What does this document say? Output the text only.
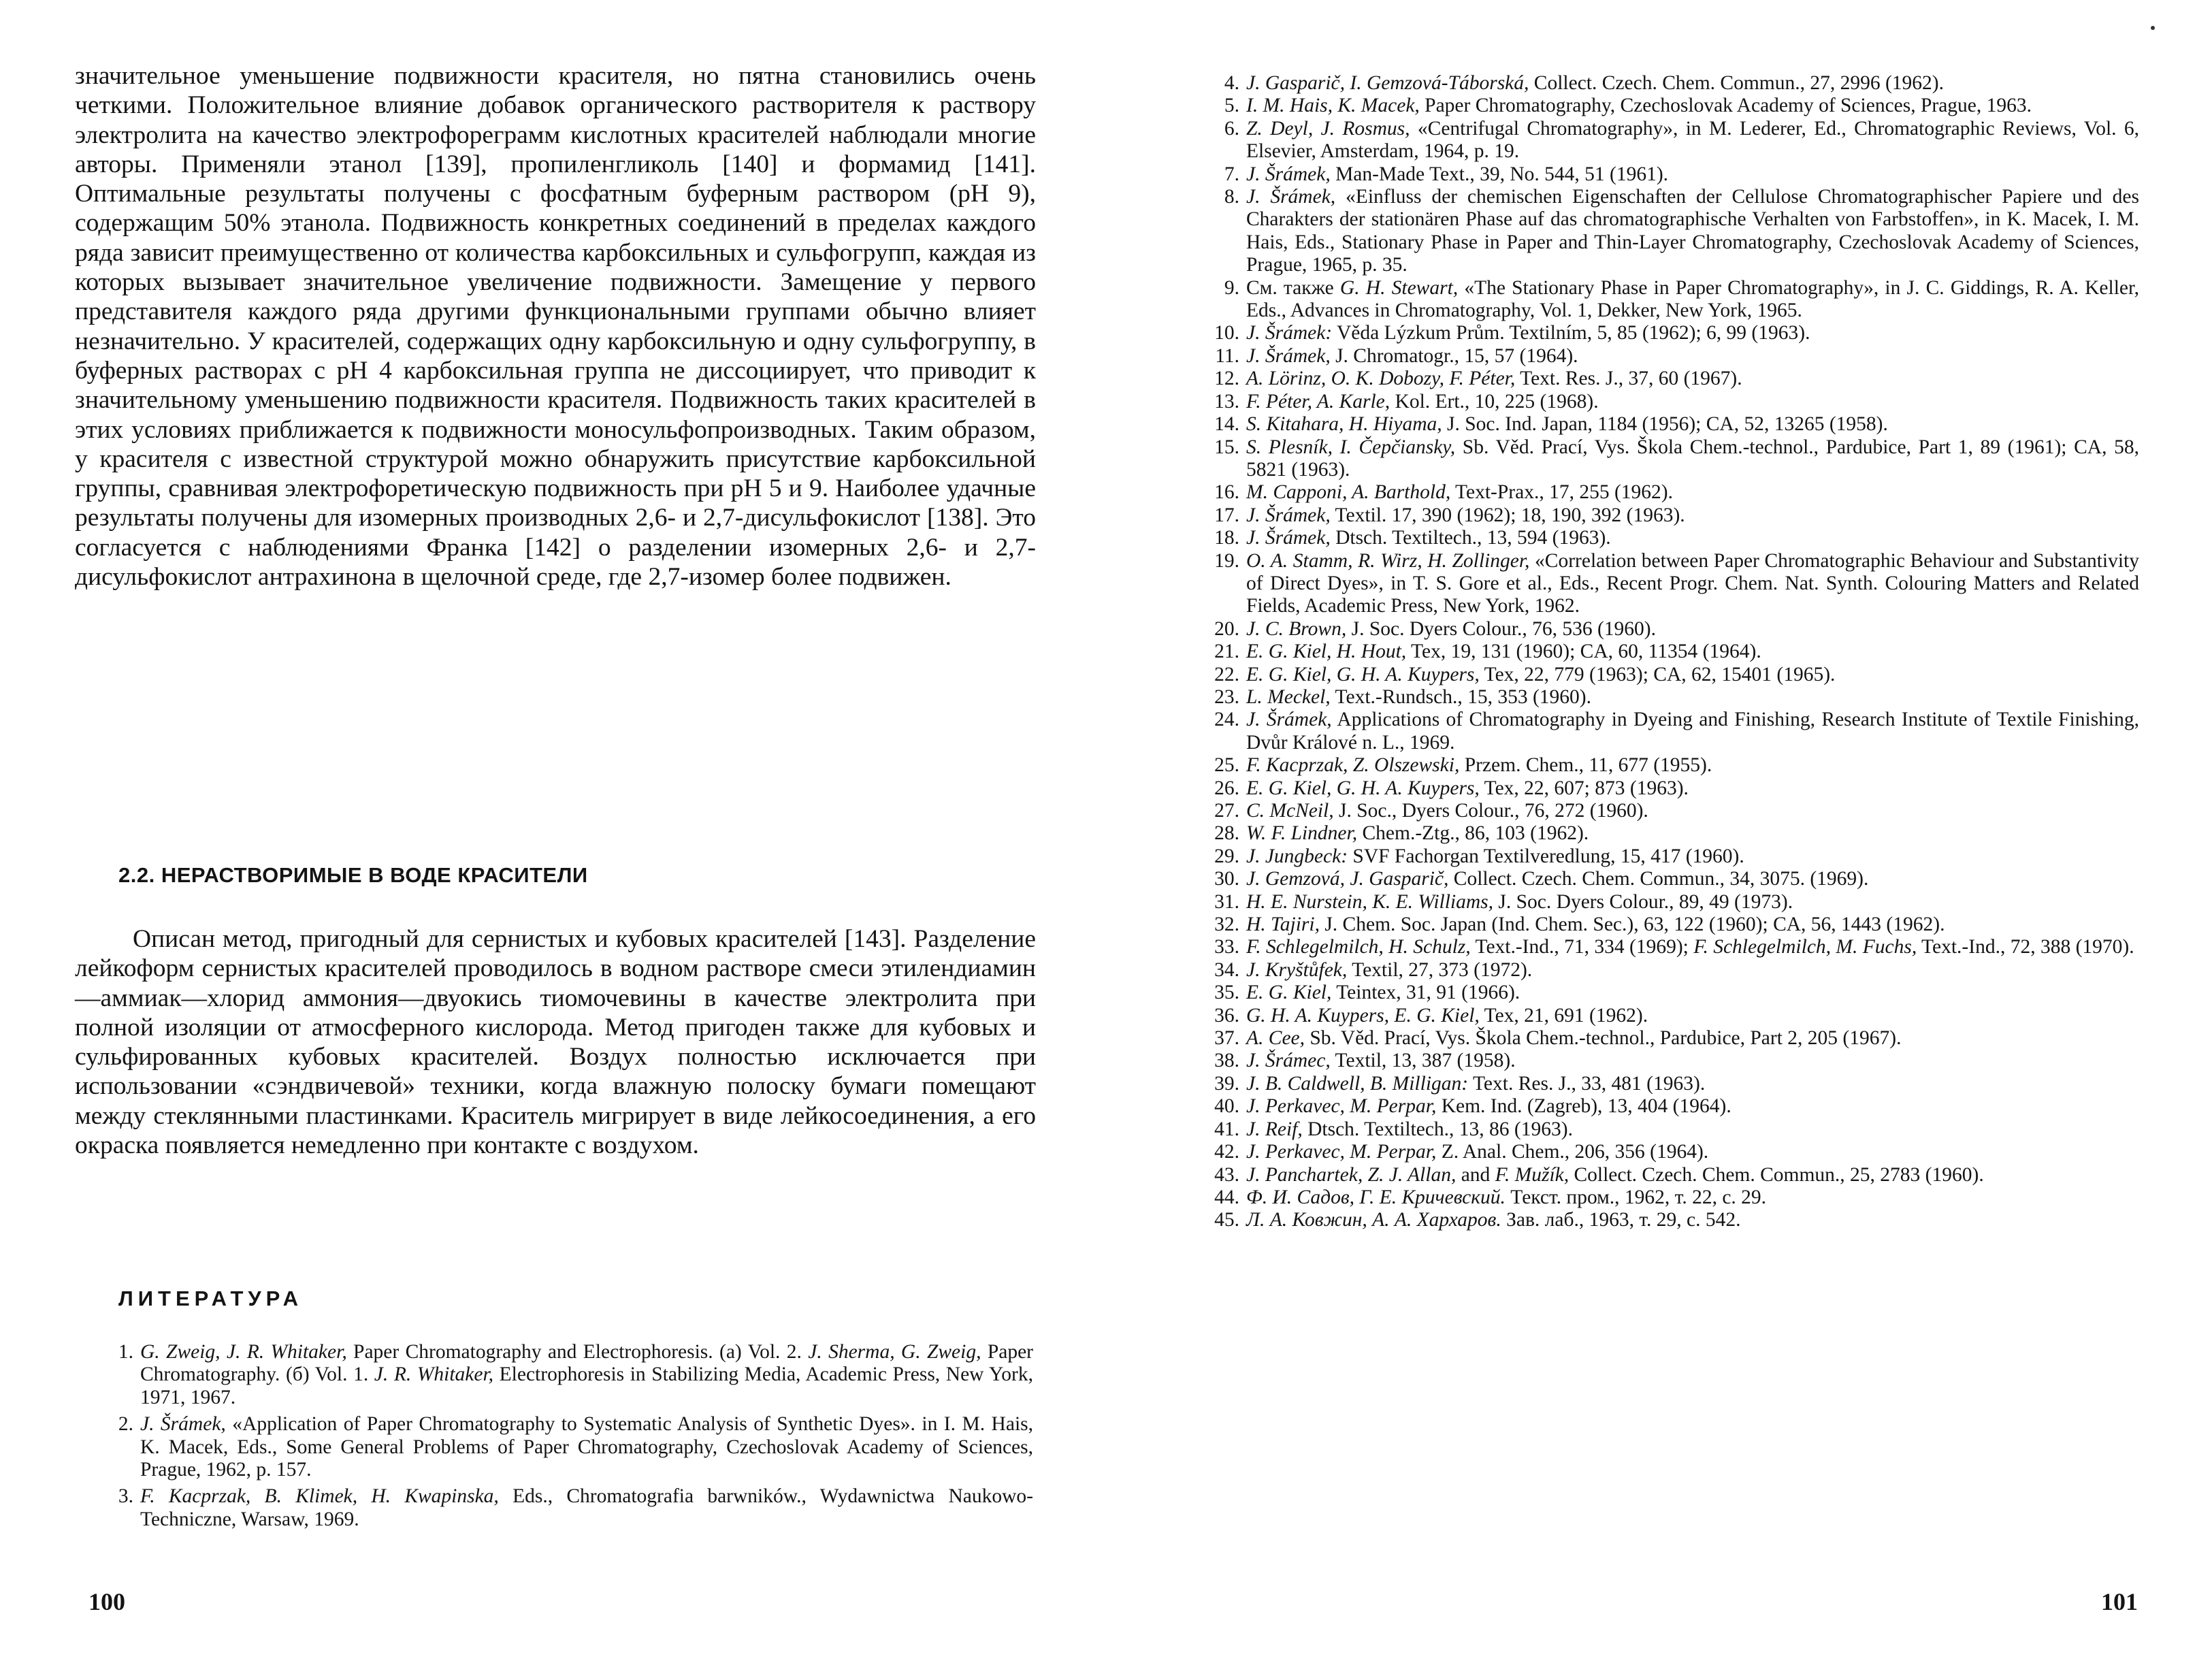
значительное уменьшение подвижности красителя, но пятна становились очень четкими. Положительное влияние добавок органического растворителя к раствору электролита на качество электрофореграмм кислотных красителей наблюдали многие авторы. Применяли этанол [139], пропиленгликоль [140] и формамид [141]. Оптимальные результаты получены с фосфатным буферным раствором (рН 9), содержащим 50% этанола. Подвижность конкретных соединений в пределах каждого ряда зависит преимущественно от количества карбоксильных и сульфогрупп, каждая из которых вызывает значительное увеличение подвижности. Замещение у первого представителя каждого ряда другими функциональными группами обычно влияет незначительно. У красителей, содержащих одну карбоксильную и одну сульфогруппу, в буферных растворах с рН 4 карбоксильная группа не диссоциирует, что приводит к значительному уменьшению подвижности красителя. Подвижность таких красителей в этих условиях приближается к подвижности моносульфопроизводных. Таким образом, у красителя с известной структурой можно обнаружить присутствие карбоксильной группы, сравнивая электрофоретическую подвижность при рН 5 и 9. Наиболее удачные результаты получены для изомерных производных 2,6- и 2,7-дисульфокислот [138]. Это согласуется с наблюдениями Франка [142] о разделении изомерных 2,6- и 2,7-дисульфокислот антрахинона в щелочной среде, где 2,7-изомер более подвижен.

2.2. НЕРАСТВОРИМЫЕ В ВОДЕ КРАСИТЕЛИ

Описан метод, пригодный для сернистых и кубовых красителей [143]. Разделение лейкоформ сернистых красителей проводилось в водном растворе смеси этилендиамин—аммиак—хлорид аммония—двуокись тиомочевины в качестве электролита при полной изоляции от атмосферного кислорода. Метод пригоден также для кубовых и сульфированных кубовых красителей. Воздух полностью исключается при использовании «сэндвичевой» техники, когда влажную полоску бумаги помещают между стеклянными пластинками. Краситель мигрирует в виде лейкосоединения, а его окраска появляется немедленно при контакте с воздухом.

ЛИТЕРАТУРА
1. G. Zweig, J. R. Whitaker, Paper Chromatography and Electrophoresis. (а) Vol. 2. J. Sherma, G. Zweig, Paper Chromatography. (б) Vol. 1. J. R. Whitaker, Electrophoresis in Stabilizing Media, Academic Press, New York, 1971, 1967.
2. J. Šrámek, «Application of Paper Chromatography to Systematic Analysis of Synthetic Dyes». in I. M. Hais, K. Macek, Eds., Some General Problems of Paper Chromatography, Czechoslovak Academy of Sciences, Prague, 1962, p. 157.
3. F. Kacprzak, B. Klimek, H. Kwapinska, Eds., Chromatografia barwników., Wydawnictwa Naukowo-Techniczne, Warsaw, 1969.

100

4. J. Gasparič, I. Gemzová-Táborská, Collect. Czech. Chem. Commun., 27, 2996 (1962).
5. I. M. Hais, K. Macek, Paper Chromatography, Czechoslovak Academy of Sciences, Prague, 1963.
6. Z. Deyl, J. Rosmus, «Centrifugal Chromatography», in M. Lederer, Ed., Chromatographic Reviews, Vol. 6, Elsevier, Amsterdam, 1964, p. 19.
7. J. Šrámek, Man-Made Text., 39, No. 544, 51 (1961).
8. J. Šrámek, «Einfluss der chemischen Eigenschaften der Cellulose Chromatographischer Papiere und des Charakters der stationären Phase auf das chromatographische Verhalten von Farbstoffen», in K. Macek, I. M. Hais, Eds., Stationary Phase in Paper and Thin-Layer Chromatography, Czechoslovak Academy of Sciences, Prague, 1965, p. 35.
9. См. также G. H. Stewart, «The Stationary Phase in Paper Chromatography», in J. C. Giddings, R. A. Keller, Eds., Advances in Chromatography, Vol. 1, Dekker, New York, 1965.
10. J. Šrámek: Věda Lýzkum Prům. Textilním, 5, 85 (1962); 6, 99 (1963).
11. J. Šrámek, J. Chromatogr., 15, 57 (1964).
12. A. Lörinz, O. K. Dobozy, F. Péter, Text. Res. J., 37, 60 (1967).
13. F. Péter, A. Karle, Kol. Ert., 10, 225 (1968).
14. S. Kitahara, H. Hiyama, J. Soc. Ind. Japan, 1184 (1956); CA, 52, 13265 (1958).
15. S. Plesník, I. Čepčiansky, Sb. Věd. Prací, Vys. Škola Chem.-technol., Pardubice, Part 1, 89 (1961); CA, 58, 5821 (1963).
16. M. Capponi, A. Barthold, Text-Prax., 17, 255 (1962).
17. J. Šrámek, Textil. 17, 390 (1962); 18, 190, 392 (1963).
18. J. Šrámek, Dtsch. Textiltech., 13, 594 (1963).
19. O. A. Stamm, R. Wirz, H. Zollinger, «Correlation between Paper Chromatographic Behaviour and Substantivity of Direct Dyes», in T. S. Gore et al., Eds., Recent Progr. Chem. Nat. Synth. Colouring Matters and Related Fields, Academic Press, New York, 1962.
20. J. C. Brown, J. Soc. Dyers Colour., 76, 536 (1960).
21. E. G. Kiel, H. Hout, Tex, 19, 131 (1960); CA, 60, 11354 (1964).
22. E. G. Kiel, G. H. A. Kuypers, Tex, 22, 779 (1963); CA, 62, 15401 (1965).
23. L. Meckel, Text.-Rundsch., 15, 353 (1960).
24. J. Šrámek, Applications of Chromatography in Dyeing and Finishing, Research Institute of Textile Finishing, Dvůr Králové n. L., 1969.
25. F. Kacprzak, Z. Olszewski, Przem. Chem., 11, 677 (1955).
26. E. G. Kiel, G. H. A. Kuypers, Tex, 22, 607; 873 (1963).
27. C. McNeil, J. Soc., Dyers Colour., 76, 272 (1960).
28. W. F. Lindner, Chem.-Ztg., 86, 103 (1962).
29. J. Jungbeck: SVF Fachorgan Textilveredlung, 15, 417 (1960).
30. J. Gemzová, J. Gasparič, Collect. Czech. Chem. Commun., 34, 3075. (1969).
31. H. E. Nurstein, K. E. Williams, J. Soc. Dyers Colour., 89, 49 (1973).
32. H. Tajiri, J. Chem. Soc. Japan (Ind. Chem. Sec.), 63, 122 (1960); CA, 56, 1443 (1962).
33. F. Schlegelmilch, H. Schulz, Text.-Ind., 71, 334 (1969); F. Schlegelmilch, M. Fuchs, Text.-Ind., 72, 388 (1970).
34. J. Kryštůfek, Textil, 27, 373 (1972).
35. E. G. Kiel, Teintex, 31, 91 (1966).
36. G. H. A. Kuypers, E. G. Kiel, Tex, 21, 691 (1962).
37. A. Cee, Sb. Věd. Prací, Vys. Škola Chem.-technol., Pardubice, Part 2, 205 (1967).
38. J. Šrámec, Textil, 13, 387 (1958).
39. J. B. Caldwell, B. Milligan: Text. Res. J., 33, 481 (1963).
40. J. Perkavec, M. Perpar, Kem. Ind. (Zagreb), 13, 404 (1964).
41. J. Reif, Dtsch. Textiltech., 13, 86 (1963).
42. J. Perkavec, M. Perpar, Z. Anal. Chem., 206, 356 (1964).
43. J. Panchartek, Z. J. Allan, and F. Mužík, Collect. Czech. Chem. Commun., 25, 2783 (1960).
44. Ф. И. Садов, Г. Е. Кричевский. Текст. пром., 1962, т. 22, с. 29.
45. Л. А. Ковжин, А. А. Хархаров. Зав. лаб., 1963, т. 29, с. 542.

101
